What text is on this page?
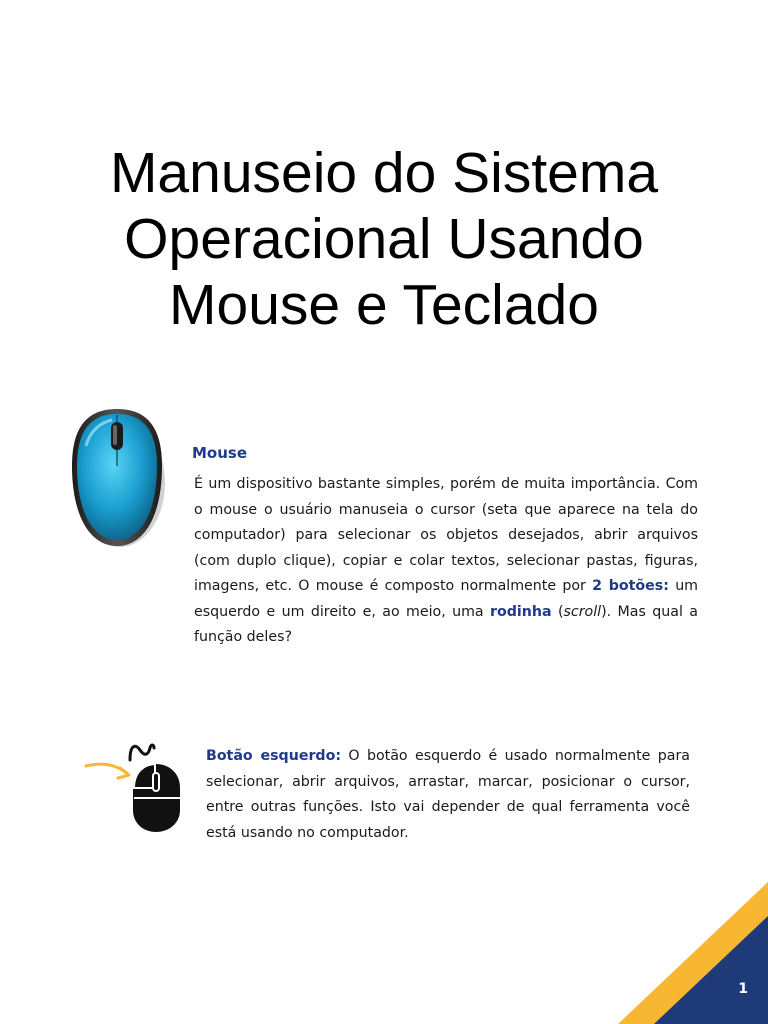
Manuseio do Sistema
Operacional Usando
Mouse e Teclado
Mouse

É um dispositivo bastante simples, porém de muita importância. Com o mouse o usuário manuseia o cursor (seta que aparece na tela do computador) para selecionar os objetos desejados, abrir arquivos (com duplo clique), copiar e colar textos, selecionar pastas, figuras, imagens, etc. O mouse é composto normalmente por 2 botões: um esquerdo e um direito e, ao meio, uma rodinha (scroll). Mas qual a função deles?

Botão esquerdo: O botão esquerdo é usado normalmente para selecionar, abrir arquivos, arrastar, marcar, posicionar o cursor, entre outras funções. Isto vai depender de qual ferramenta você está usando no computador.

1
